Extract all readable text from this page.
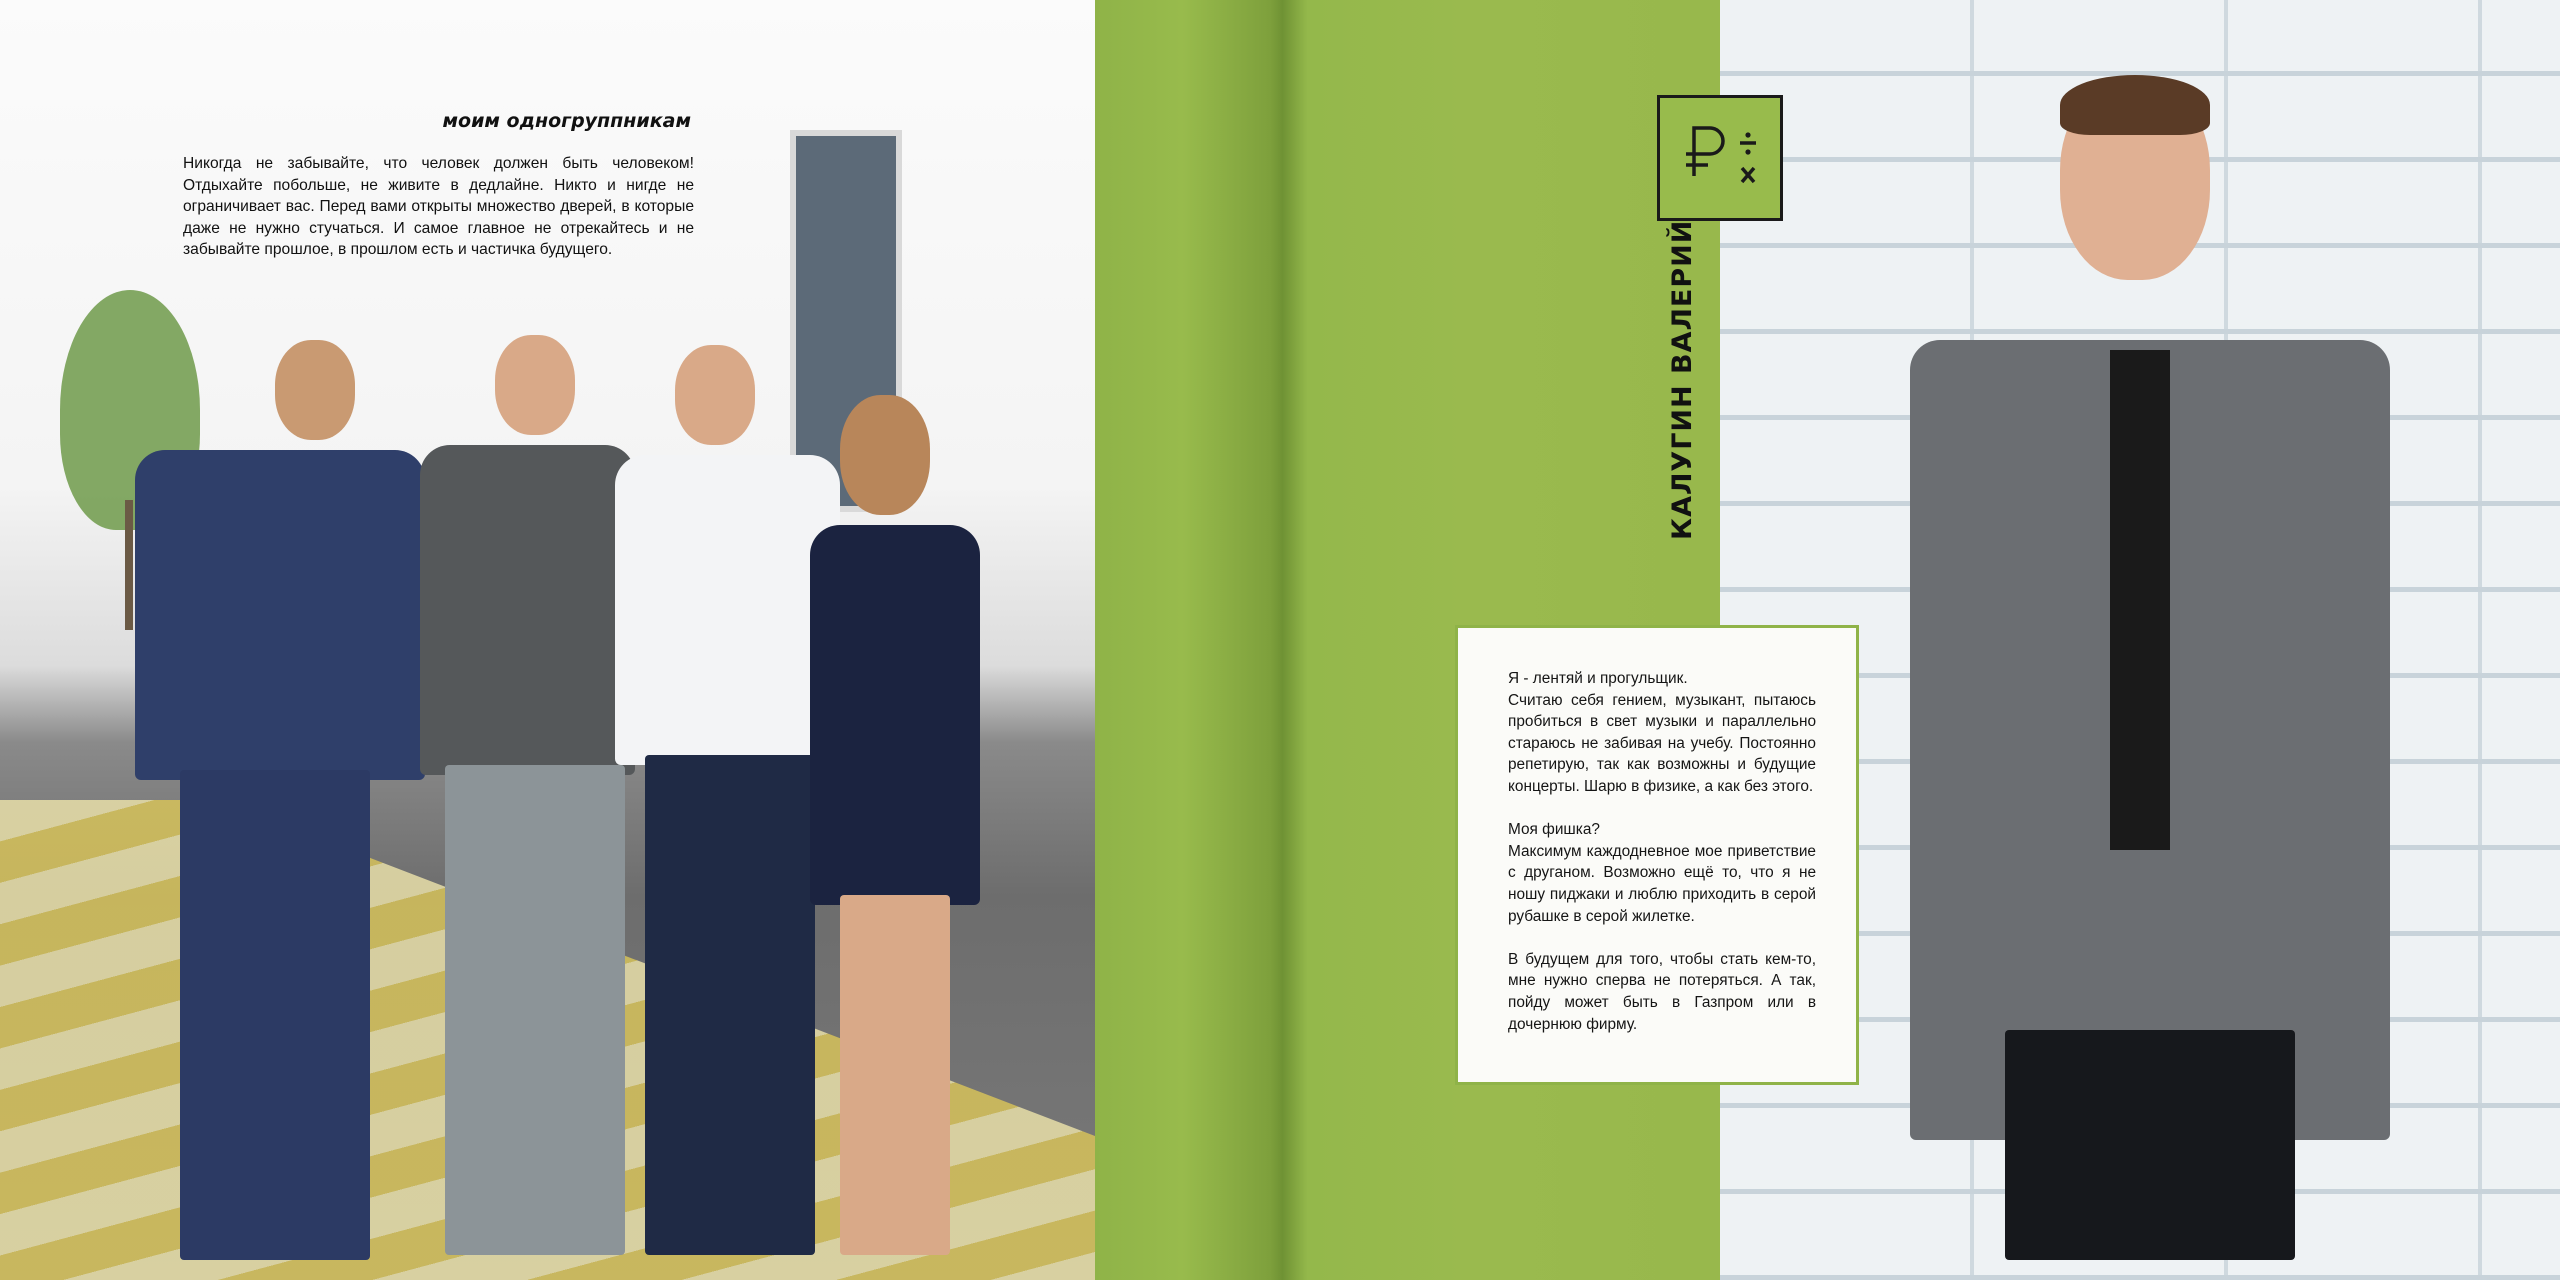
моим одногруппникам
Никогда не забывайте, что человек должен быть человеком! Отдыхайте побольше, не живите в дедлайне. Никто и нигде не ограничивает вас. Перед вами открыты множество дверей, в которые даже не нужно стучаться. И самое главное не отрекайтесь и не забывайте прошлое, в прошлом есть и частичка будущего.	КАЛУГИН ВАЛЕРИЙ

Я - лентяй и прогульщик.
Считаю себя гением, музыкант, пытаюсь пробиться в свет музыки и параллельно стараюсь не забивая на учебу. Постоянно репетирую, так как возможны и будущие концерты. Шарю в физике, а как без этого.

Моя фишка?
Максимум каждодневное мое приветствие с друганом. Возможно ещё то, что я не ношу пиджаки и люблю приходить в серой рубашке в серой жилетке.

В будущем для того, чтобы стать кем-то, мне нужно сперва не потеряться. А так, пойду может быть в Газпром или в дочернюю фирму.
